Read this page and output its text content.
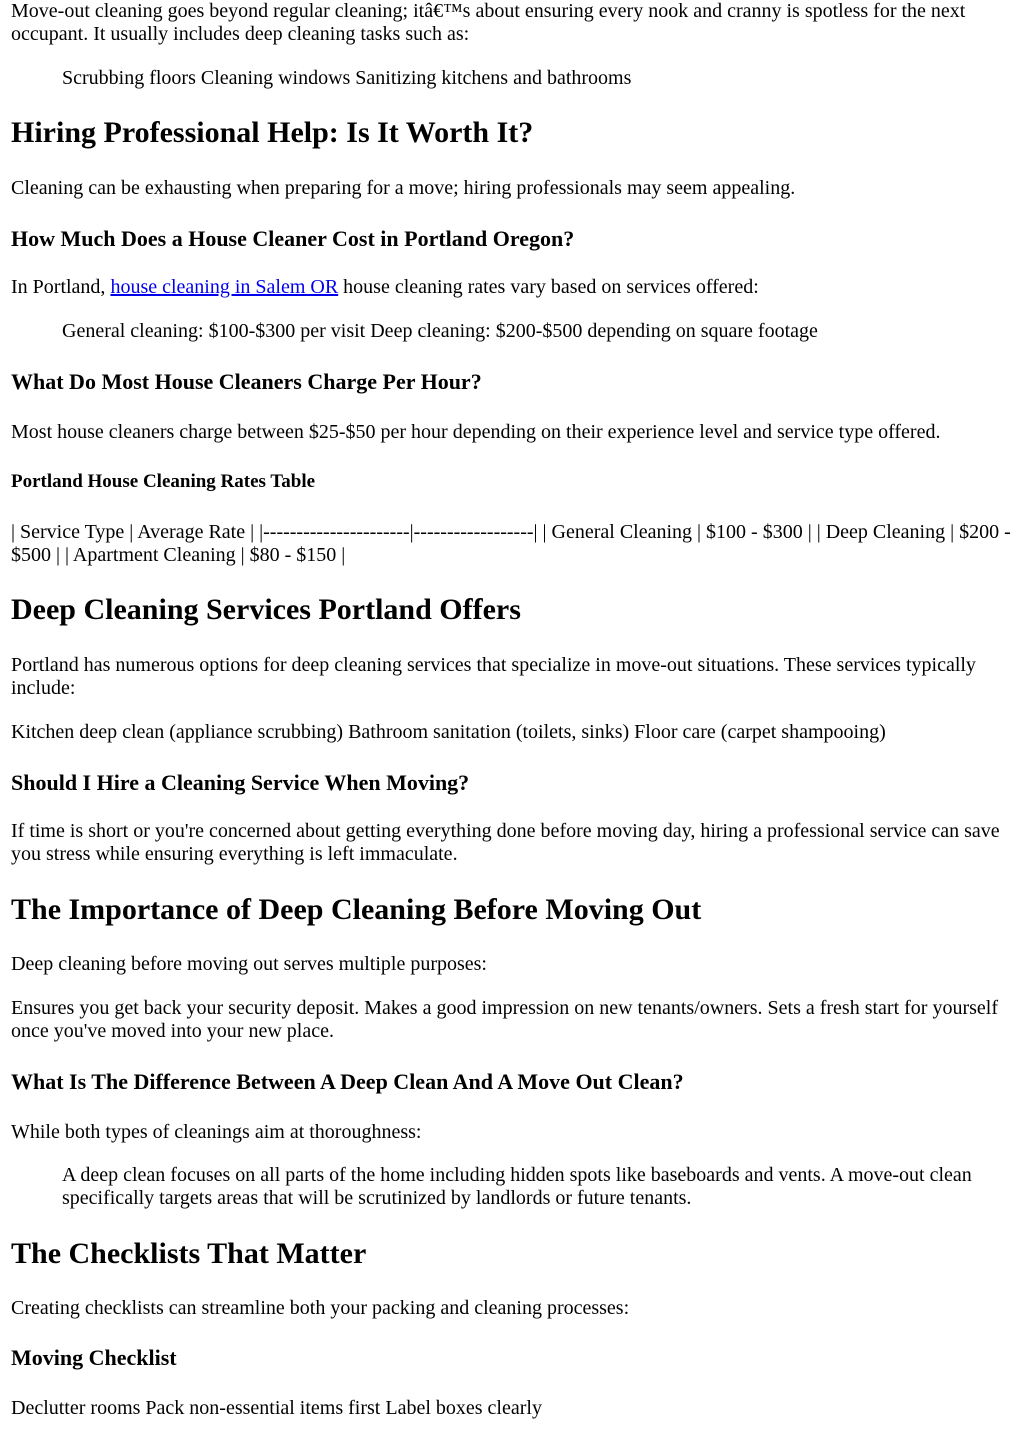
Move-out cleaning goes beyond regular cleaning; itâ€™s about ensuring every nook and cranny is spotless for the next occupant. It usually includes deep cleaning tasks such as:

Scrubbing floors Cleaning windows Sanitizing kitchens and bathrooms

Hiring Professional Help: Is It Worth It?

Cleaning can be exhausting when preparing for a move; hiring professionals may seem appealing.

How Much Does a House Cleaner Cost in Portland Oregon?

In Portland, house cleaning in Salem OR house cleaning rates vary based on services offered:

General cleaning: $100-$300 per visit Deep cleaning: $200-$500 depending on square footage

What Do Most House Cleaners Charge Per Hour?

Most house cleaners charge between $25-$50 per hour depending on their experience level and service type offered.

Portland House Cleaning Rates Table

| Service Type | Average Rate | |----------------------|------------------| | General Cleaning | $100 - $300 | | Deep Cleaning | $200 - $500 | | Apartment Cleaning | $80 - $150 |

Deep Cleaning Services Portland Offers

Portland has numerous options for deep cleaning services that specialize in move-out situations. These services typically include:

Kitchen deep clean (appliance scrubbing) Bathroom sanitation (toilets, sinks) Floor care (carpet shampooing)

Should I Hire a Cleaning Service When Moving?

If time is short or you're concerned about getting everything done before moving day, hiring a professional service can save you stress while ensuring everything is left immaculate.

The Importance of Deep Cleaning Before Moving Out

Deep cleaning before moving out serves multiple purposes:

Ensures you get back your security deposit. Makes a good impression on new tenants/owners. Sets a fresh start for yourself once you've moved into your new place.

What Is The Difference Between A Deep Clean And A Move Out Clean?

While both types of cleanings aim at thoroughness:

A deep clean focuses on all parts of the home including hidden spots like baseboards and vents. A move-out clean specifically targets areas that will be scrutinized by landlords or future tenants.

The Checklists That Matter

Creating checklists can streamline both your packing and cleaning processes:

Moving Checklist

Declutter rooms Pack non-essential items first Label boxes clearly
